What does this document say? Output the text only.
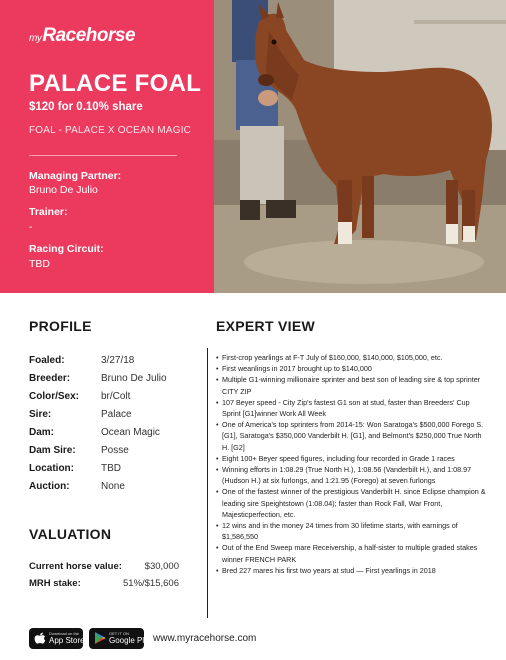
myRacehorse
PALACE FOAL
$120 for 0.10% share
FOAL - PALACE X OCEAN MAGIC
Managing Partner:
Bruno De Julio
Trainer:
-
Racing Circuit:
TBD
PROFILE
Foaled:	3/27/18
Breeder:	Bruno De Julio
Color/Sex: br/Colt
Sire:	Palace
Dam:	Ocean Magic
Dam Sire:	Posse
Location:	TBD
Auction:	None
VALUATION
Current horse value: $30,000
MRH stake:	51%/$15,606
EXPERT VIEW
• First-crop yearlings at F-T July of $160,000, $140,000, $105,000, etc.
• First weanlings in 2017 brought up to $140,000
• Multiple G1-winning millionaire sprinter and best son of leading sire & top sprinter CITY ZIP
• 107 Beyer speed - City Zip's fastest G1 son at stud, faster than Breeders' Cup Sprint [G1]winner Work All Week
• One of America's top sprinters from 2014-15: Won Saratoga's $500,000 Forego S. [G1], Saratoga's $350,000 Vanderbilt H. [G1], and Belmont's $250,000 True North H. [G2]
• Eight 100+ Beyer speed figures, including four recorded in Grade 1 races
• Winning efforts in 1:08.29 (True North H.), 1:08.56 (Vanderbilt H.), and 1:08.97 (Hudson H.) at six furlongs, and 1:21.95 (Forego) at seven furlongs
• One of the fastest winner of the prestigious Vanderbilt H. since Eclipse champion & leading sire Speightstown (1:08.04); faster than Rock Fall, War Front, Majesticperfection, etc.
• 12 wins and in the money 24 times from 30 lifetime starts, with earnings of $1,586,550
• Out of the End Sweep mare Receivership, a half-sister to multiple graded stakes winner FRENCH PARK
• Bred 227 mares his first two years at stud — First yearlings in 2018
Download on the
App Store
GET IT ON
Google Play www.myracehorse.com
